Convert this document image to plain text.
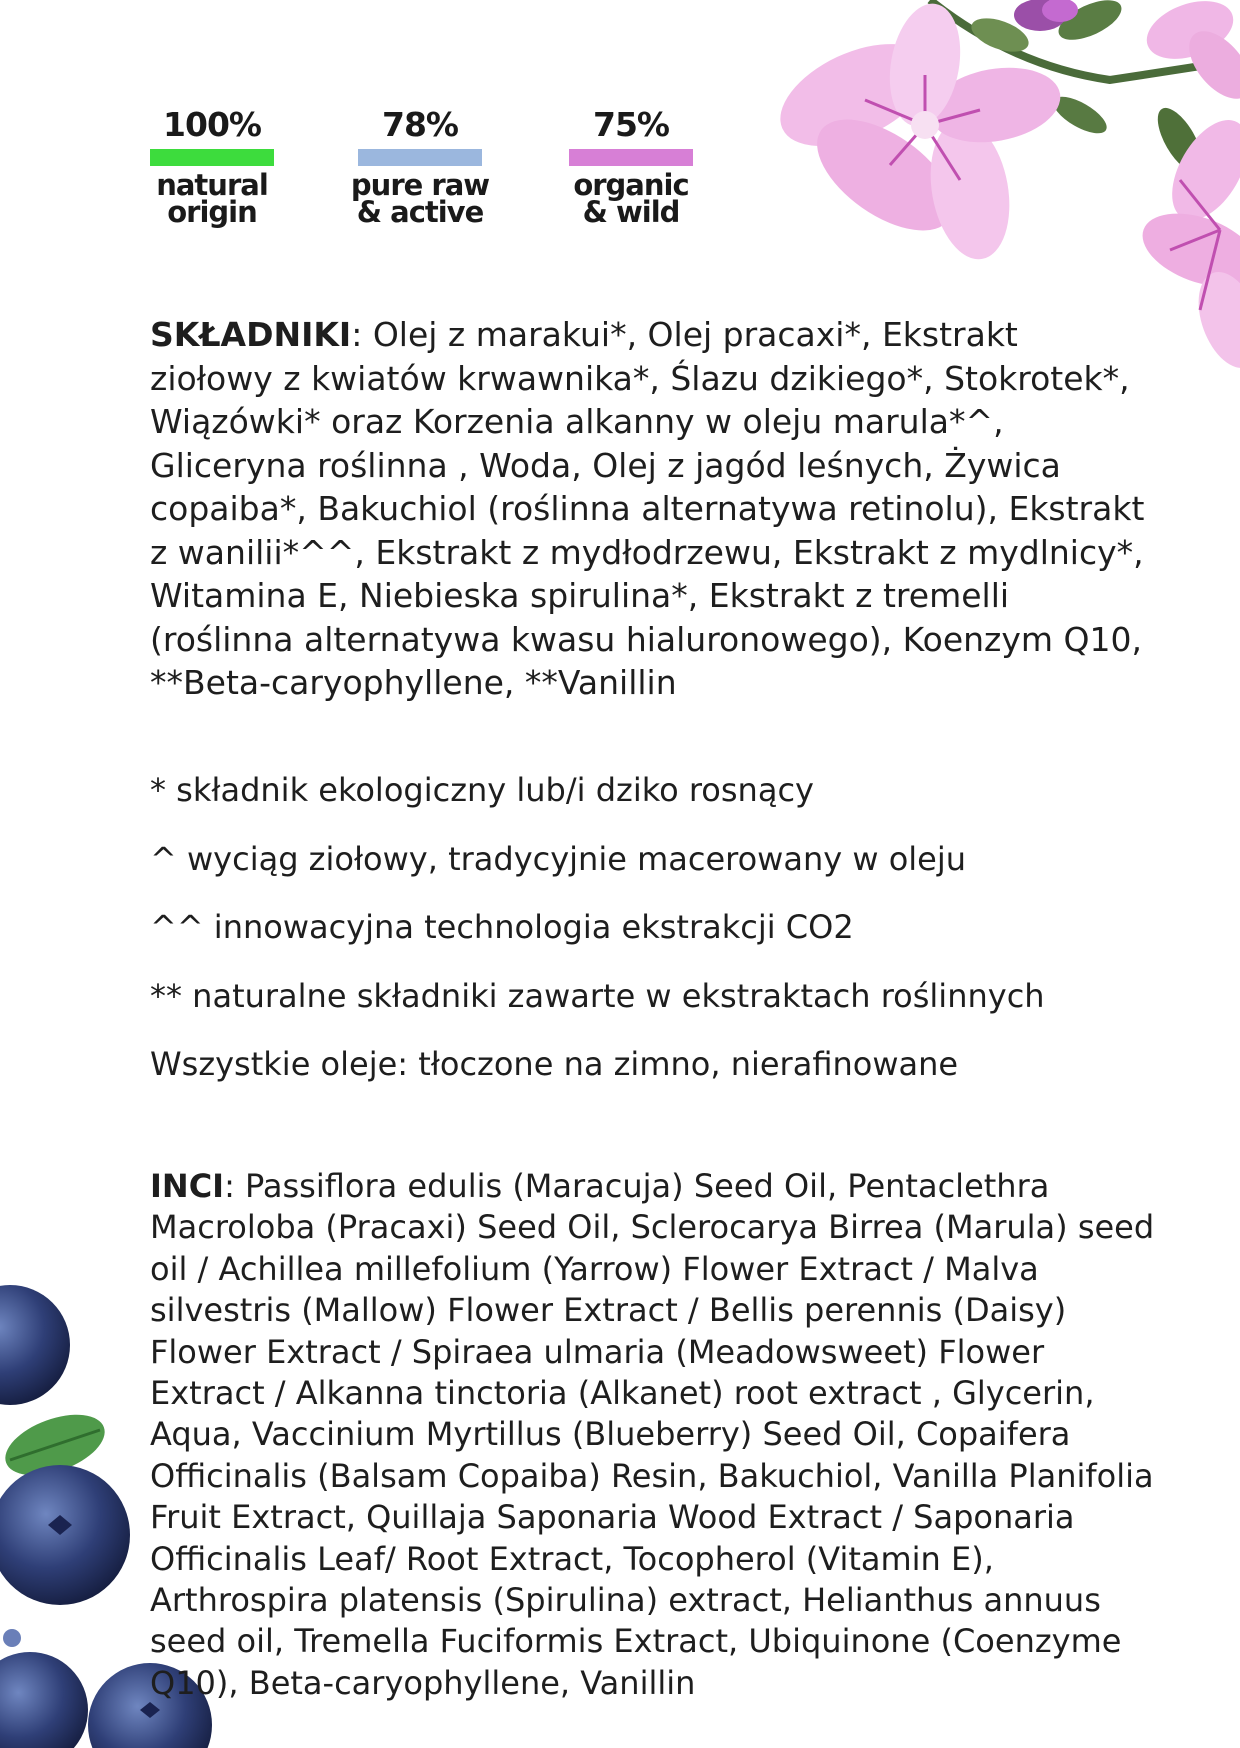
100%
natural
origin
78%
pure raw
& active
75%
organic
& wild

SKŁADNIKI: Olej z marakui*, Olej pracaxi*, Ekstrakt ziołowy z kwiatów krwawnika*, Ślazu dzikiego*, Stokrotek*, Wiązówki* oraz Korzenia alkanny w oleju marula*^, Gliceryna roślinna , Woda, Olej z jagód leśnych, Żywica copaiba*, Bakuchiol (roślinna alternatywa retinolu), Ekstrakt z wanilii*^^, Ekstrakt z mydłodrzewu, Ekstrakt z mydlnicy*, Witamina E, Niebieska spirulina*, Ekstrakt z tremelli (roślinna alternatywa kwasu hialuronowego), Koenzym Q10, **Beta-caryophyllene, **Vanillin

* składnik ekologiczny lub/i dziko rosnący

^ wyciąg ziołowy, tradycyjnie macerowany w oleju

^^ innowacyjna technologia ekstrakcji CO2

** naturalne składniki zawarte w ekstraktach roślinnych

Wszystkie oleje: tłoczone na zimno, nierafinowane

INCI: Passiflora edulis (Maracuja) Seed Oil, Pentaclethra Macroloba (Pracaxi) Seed Oil, Sclerocarya Birrea (Marula) seed oil / Achillea millefolium (Yarrow) Flower Extract / Malva silvestris (Mallow) Flower Extract / Bellis perennis (Daisy) Flower Extract / Spiraea ulmaria (Meadowsweet) Flower Extract / Alkanna tinctoria (Alkanet) root extract , Glycerin, Aqua, Vaccinium Myrtillus (Blueberry) Seed Oil, Copaifera Officinalis (Balsam Copaiba) Resin, Bakuchiol, Vanilla Planifolia Fruit Extract, Quillaja Saponaria Wood Extract / Saponaria Officinalis Leaf/ Root Extract, Tocopherol (Vitamin E), Arthrospira platensis (Spirulina) extract, Helianthus annuus seed oil, Tremella Fuciformis Extract, Ubiquinone (Coenzyme Q10), Beta-caryophyllene, Vanillin
